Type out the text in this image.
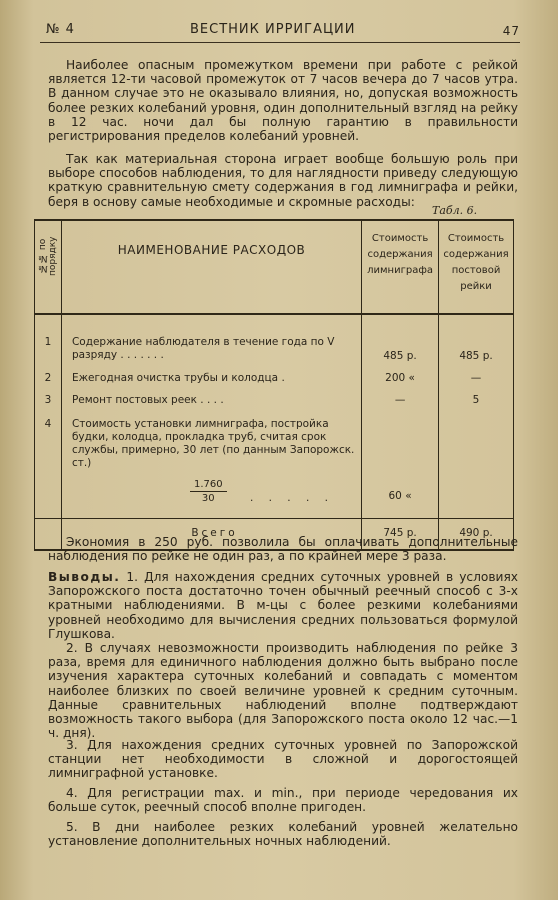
№ 4	ВЕСТНИК ИРРИГАЦИИ	47
Наиболее опасным промежутком времени при работе с рейкой является 12-ти часовой промежуток от 7 часов вечера до 7 часов утра. В данном случае это не оказывало влияния, но, допуская возможность более резких колебаний уровня, один дополнительный взгляд на рейку в 12 час. ночи дал бы полную гарантию в правильности регистрирования пределов колебаний уровней.
Так как материальная сторона играет вообще большую роль при выборе способов наблюдения, то для наглядности приведу следующую краткую сравнительную смету содержания в год лимниграфа и рейки, беря в основу самые необходимые и скромные расходы:
Табл. 6.
№№ по порядку	НАИМЕНОВАНИЕ РАСХОДОВ	Стоимость содержания лимниграфа	Стоимость содержания постовой рейки

1	Содержание наблюдателя в течение года по V разряду . . . . . . .	485 р.	485 р.
2	Ежегодная очистка трубы и колодца .	200 «	—
3	Ремонт постовых реек . . . .	—	5
4	Стоимость установки лимниграфа, постройка будки, колодца, прокладка труб, считая срок службы, примерно, 30 лет (по данным Запорожск. ст.)		

	$\frac{1.760}{30}$ . . . . .	60 «	
	Всего	745 р.	490 р.
Экономия в 250 руб. позволила бы оплачивать дополнительные наблюдения по рейке не один раз, а по крайней мере 3 раза.
Выводы. 1. Для нахождения средних суточных уровней в условиях Запорожского поста достаточно точен обычный реечный способ с 3-х кратными наблюдениями. В м-цы с более резкими колебаниями уровней необходимо для вычисления средних пользоваться формулой Глушкова.
2. В случаях невозможности производить наблюдения по рейке 3 раза, время для единичного наблюдения должно быть выбрано после изучения характера суточных колебаний и совпадать с моментом наиболее близких по своей величине уровней к средним суточным. Данные сравнительных наблюдений вполне подтверждают возможность такого выбора (для Запорожского поста около 12 час.—1 ч. дня).
3. Для нахождения средних суточных уровней по Запорожской станции нет необходимости в сложной и дорогостоящей лимниграфной установке.
4. Для регистрации max. и min., при периоде чередования их больше суток, реечный способ вполне пригоден.
5. В дни наиболее резких колебаний уровней желательно установление дополнительных ночных наблюдений.
